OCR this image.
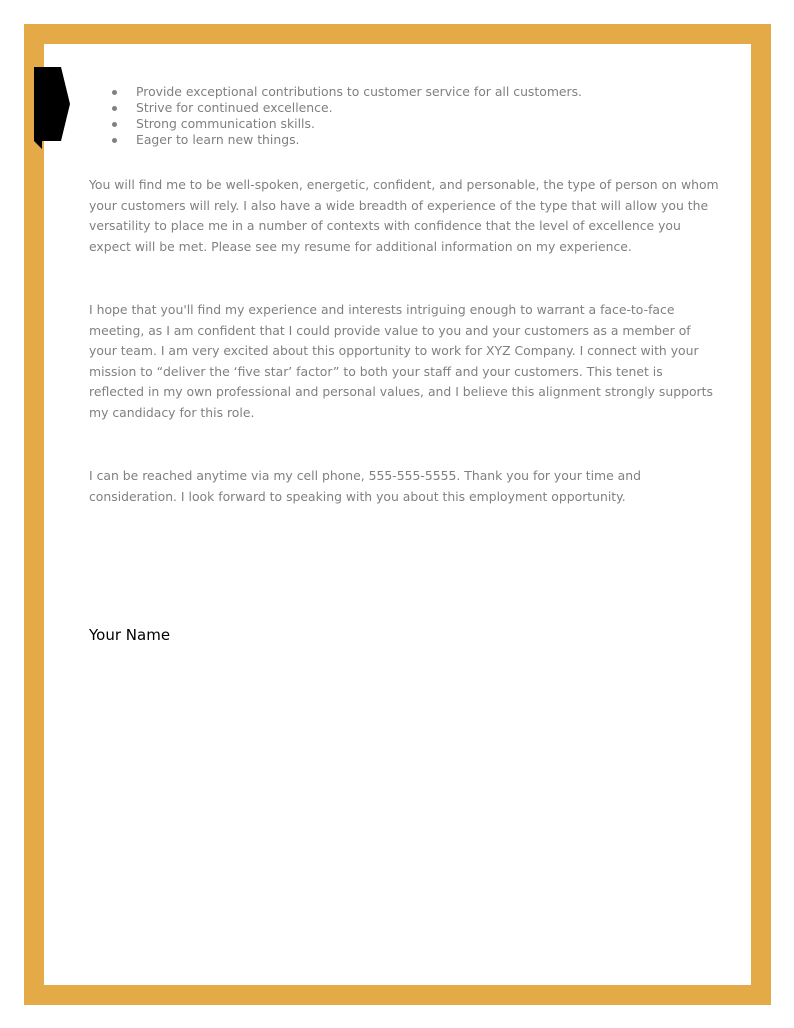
Provide exceptional contributions to customer service for all customers.
Strive for continued excellence.
Strong communication skills.
Eager to learn new things.

You will find me to be well-spoken, energetic, confident, and personable, the type of person on whom your customers will rely. I also have a wide breadth of experience of the type that will allow you the versatility to place me in a number of contexts with confidence that the level of excellence you expect will be met. Please see my resume for additional information on my experience.

I hope that you'll find my experience and interests intriguing enough to warrant a face-to-face meeting, as I am confident that I could provide value to you and your customers as a member of your team. I am very excited about this opportunity to work for XYZ Company. I connect with your mission to “deliver the ‘five star’ factor” to both your staff and your customers. This tenet is reflected in my own professional and personal values, and I believe this alignment strongly supports my candidacy for this role.

I can be reached anytime via my cell phone, 555-555-5555. Thank you for your time and consideration. I look forward to speaking with you about this employment opportunity.

Your Name
